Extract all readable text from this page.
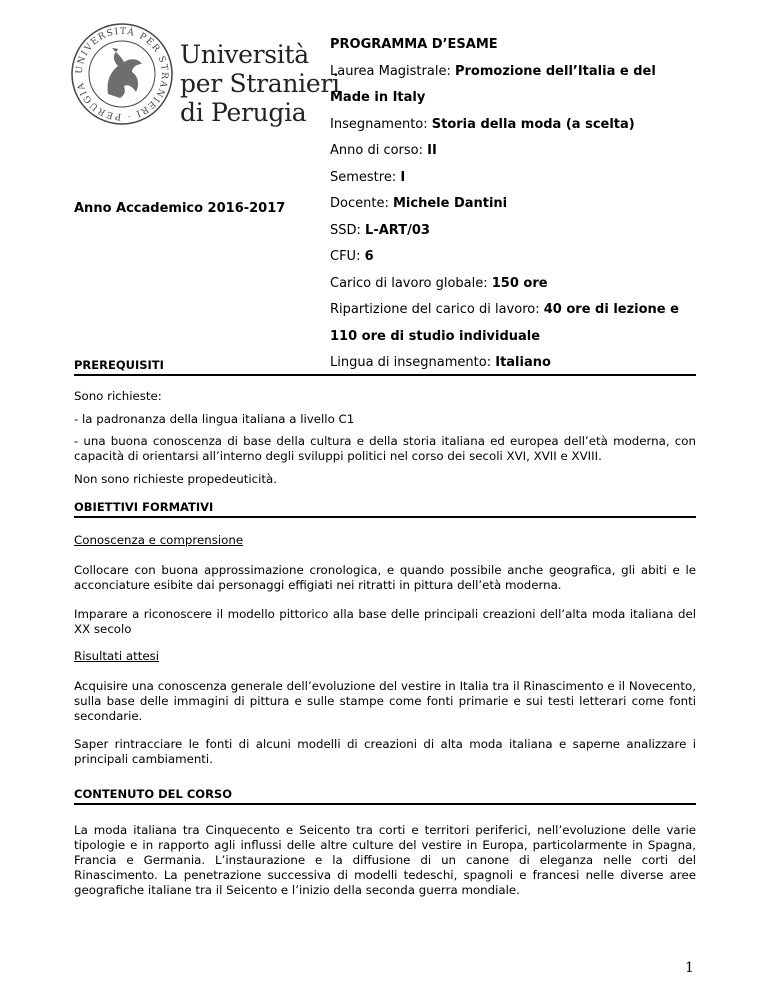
UNIVERSITÀ PER STRANIERI · PERUGIA
Università
per Stranieri
di Perugia
Anno Accademico 2016-2017
PROGRAMMA D’ESAME
Laurea Magistrale: Promozione dell’Italia e del
Made in Italy
Insegnamento: Storia della moda (a scelta)
Anno di corso: II
Semestre: I
Docente: Michele Dantini
SSD: L-ART/03
CFU: 6
Carico di lavoro globale: 150 ore
Ripartizione del carico di lavoro: 40 ore di lezione e
110 ore di studio individuale
Lingua di insegnamento: Italiano
PREREQUISITI

Sono richieste:

- la padronanza della lingua italiana a livello C1

- una buona conoscenza di base della cultura e della storia italiana ed europea dell’età moderna, con capacità di orientarsi all’interno degli sviluppi politici nel corso dei secoli XVI, XVII e XVIII.

Non sono richieste propedeuticità.

OBIETTIVI FORMATIVI

Conoscenza e comprensione

Collocare con buona approssimazione cronologica, e quando possibile anche geografica, gli abiti e le acconciature esibite dai personaggi effigiati nei ritratti in pittura dell’età moderna.

Imparare a riconoscere il modello pittorico alla base delle principali creazioni dell’alta moda italiana del XX secolo

Risultati attesi

Acquisire una conoscenza generale dell’evoluzione del vestire in Italia tra il Rinascimento e il Novecento, sulla base delle immagini di pittura e sulle stampe come fonti primarie e sui testi letterari come fonti secondarie.

Saper rintracciare le fonti di alcuni modelli di creazioni di alta moda italiana e saperne analizzare i principali cambiamenti.

CONTENUTO DEL CORSO

La moda italiana tra Cinquecento e Seicento tra corti e territori periferici, nell’evoluzione delle varie tipologie e in rapporto agli influssi delle altre culture del vestire in Europa, particolarmente in Spagna, Francia e Germania. L’instaurazione e la diffusione di un canone di eleganza nelle corti del Rinascimento. La penetrazione successiva di modelli tedeschi, spagnoli e francesi nelle diverse aree geografiche italiane tra il Seicento e l’inizio della seconda guerra mondiale.

1
